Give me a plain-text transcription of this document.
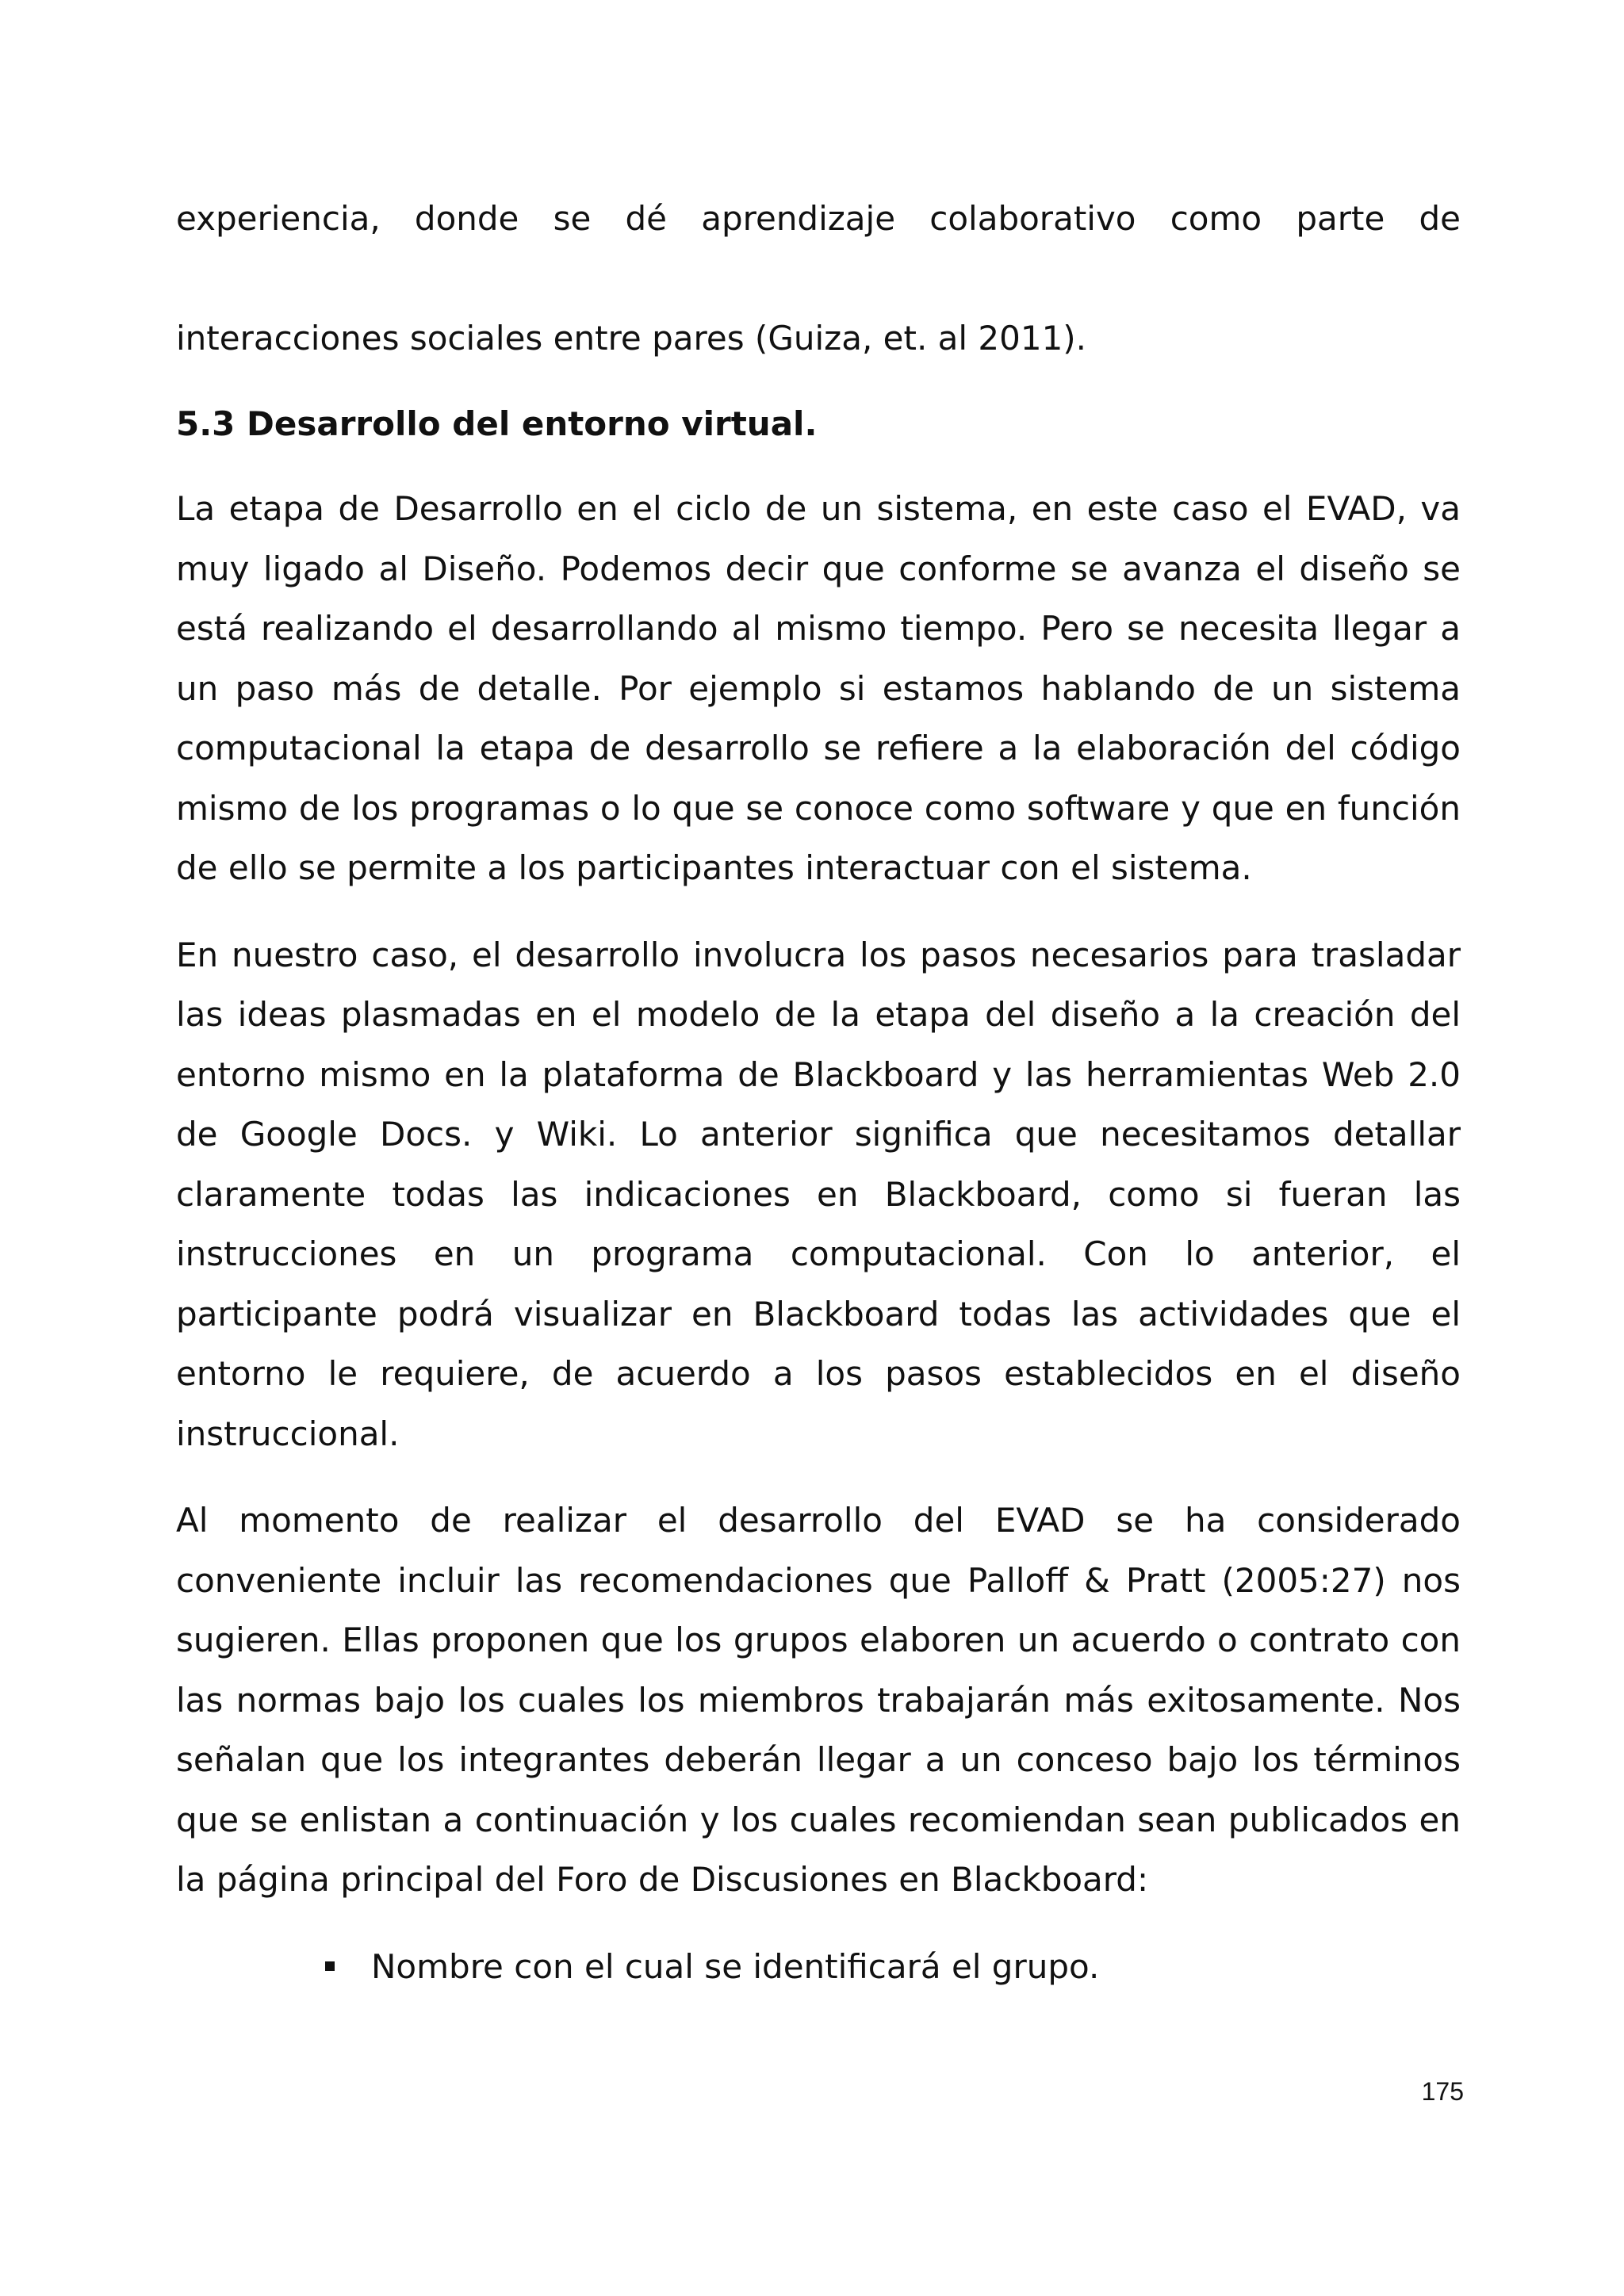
experiencia, donde se dé aprendizaje colaborativo como parte de

interacciones sociales entre pares (Guiza, et. al 2011).

5.3 Desarrollo del entorno virtual.

La etapa de Desarrollo en el ciclo de un sistema, en este caso el EVAD, va muy ligado al Diseño. Podemos decir que conforme se avanza el diseño se está realizando el desarrollando al mismo tiempo. Pero se necesita llegar a un paso más de detalle. Por ejemplo si estamos hablando de un sistema computacional la etapa de desarrollo se refiere a la elaboración del código mismo de los programas o lo que se conoce como software y que en función de ello se permite a los participantes interactuar con el sistema.

En nuestro caso, el desarrollo involucra los pasos necesarios para trasladar las ideas plasmadas en el modelo de la etapa del diseño a la creación del entorno mismo en la plataforma de Blackboard y las herramientas Web 2.0 de Google Docs. y Wiki. Lo anterior significa que necesitamos detallar claramente todas las indicaciones en Blackboard, como si fueran las instrucciones en un programa computacional. Con lo anterior, el participante podrá visualizar en Blackboard todas las actividades que el entorno le requiere, de acuerdo a los pasos establecidos en el diseño instruccional.

Al momento de realizar el desarrollo del EVAD se ha considerado conveniente incluir las recomendaciones que Palloff & Pratt (2005:27) nos sugieren. Ellas proponen que los grupos elaboren un acuerdo o contrato con las normas bajo los cuales los miembros trabajarán más exitosamente. Nos señalan que los integrantes deberán llegar a un conceso bajo los términos que se enlistan a continuación y los cuales recomiendan sean publicados en la página principal del Foro de Discusiones en Blackboard:

Nombre con el cual se identificará el grupo.
175
